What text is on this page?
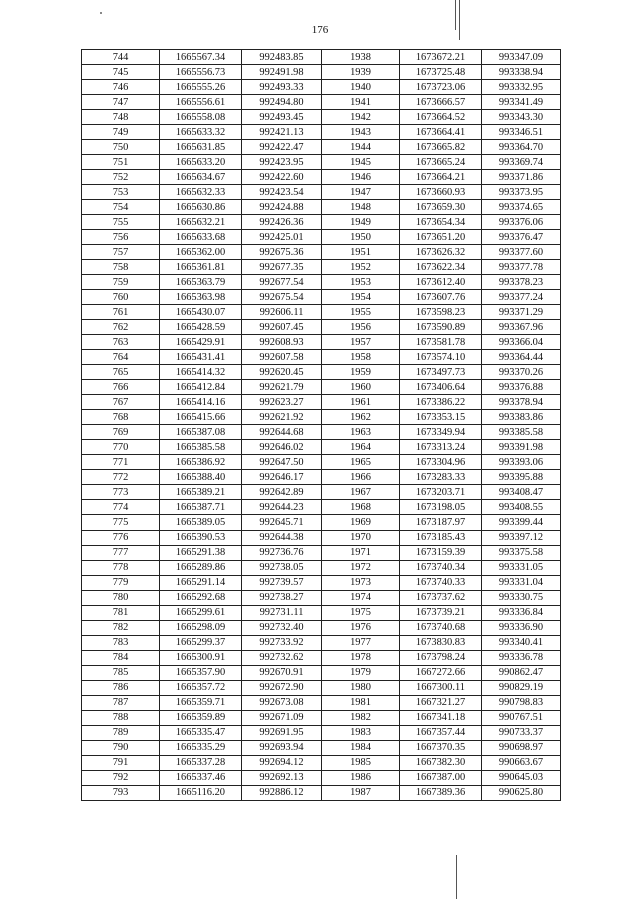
176
744	1665567.34	992483.85	1938	1673672.21	993347.09
745	1665556.73	992491.98	1939	1673725.48	993338.94
746	1665555.26	992493.33	1940	1673723.06	993332.95
747	1665556.61	992494.80	1941	1673666.57	993341.49
748	1665558.08	992493.45	1942	1673664.52	993343.30
749	1665633.32	992421.13	1943	1673664.41	993346.51
750	1665631.85	992422.47	1944	1673665.82	993364.70
751	1665633.20	992423.95	1945	1673665.24	993369.74
752	1665634.67	992422.60	1946	1673664.21	993371.86
753	1665632.33	992423.54	1947	1673660.93	993373.95
754	1665630.86	992424.88	1948	1673659.30	993374.65
755	1665632.21	992426.36	1949	1673654.34	993376.06
756	1665633.68	992425.01	1950	1673651.20	993376.47
757	1665362.00	992675.36	1951	1673626.32	993377.60
758	1665361.81	992677.35	1952	1673622.34	993377.78
759	1665363.79	992677.54	1953	1673612.40	993378.23
760	1665363.98	992675.54	1954	1673607.76	993377.24
761	1665430.07	992606.11	1955	1673598.23	993371.29
762	1665428.59	992607.45	1956	1673590.89	993367.96
763	1665429.91	992608.93	1957	1673581.78	993366.04
764	1665431.41	992607.58	1958	1673574.10	993364.44
765	1665414.32	992620.45	1959	1673497.73	993370.26
766	1665412.84	992621.79	1960	1673406.64	993376.88
767	1665414.16	992623.27	1961	1673386.22	993378.94
768	1665415.66	992621.92	1962	1673353.15	993383.86
769	1665387.08	992644.68	1963	1673349.94	993385.58
770	1665385.58	992646.02	1964	1673313.24	993391.98
771	1665386.92	992647.50	1965	1673304.96	993393.06
772	1665388.40	992646.17	1966	1673283.33	993395.88
773	1665389.21	992642.89	1967	1673203.71	993408.47
774	1665387.71	992644.23	1968	1673198.05	993408.55
775	1665389.05	992645.71	1969	1673187.97	993399.44
776	1665390.53	992644.38	1970	1673185.43	993397.12
777	1665291.38	992736.76	1971	1673159.39	993375.58
778	1665289.86	992738.05	1972	1673740.34	993331.05
779	1665291.14	992739.57	1973	1673740.33	993331.04
780	1665292.68	992738.27	1974	1673737.62	993330.75
781	1665299.61	992731.11	1975	1673739.21	993336.84
782	1665298.09	992732.40	1976	1673740.68	993336.90
783	1665299.37	992733.92	1977	1673830.83	993340.41
784	1665300.91	992732.62	1978	1673798.24	993336.78
785	1665357.90	992670.91	1979	1667272.66	990862.47
786	1665357.72	992672.90	1980	1667300.11	990829.19
787	1665359.71	992673.08	1981	1667321.27	990798.83
788	1665359.89	992671.09	1982	1667341.18	990767.51
789	1665335.47	992691.95	1983	1667357.44	990733.37
790	1665335.29	992693.94	1984	1667370.35	990698.97
791	1665337.28	992694.12	1985	1667382.30	990663.67
792	1665337.46	992692.13	1986	1667387.00	990645.03
793	1665116.20	992886.12	1987	1667389.36	990625.80
